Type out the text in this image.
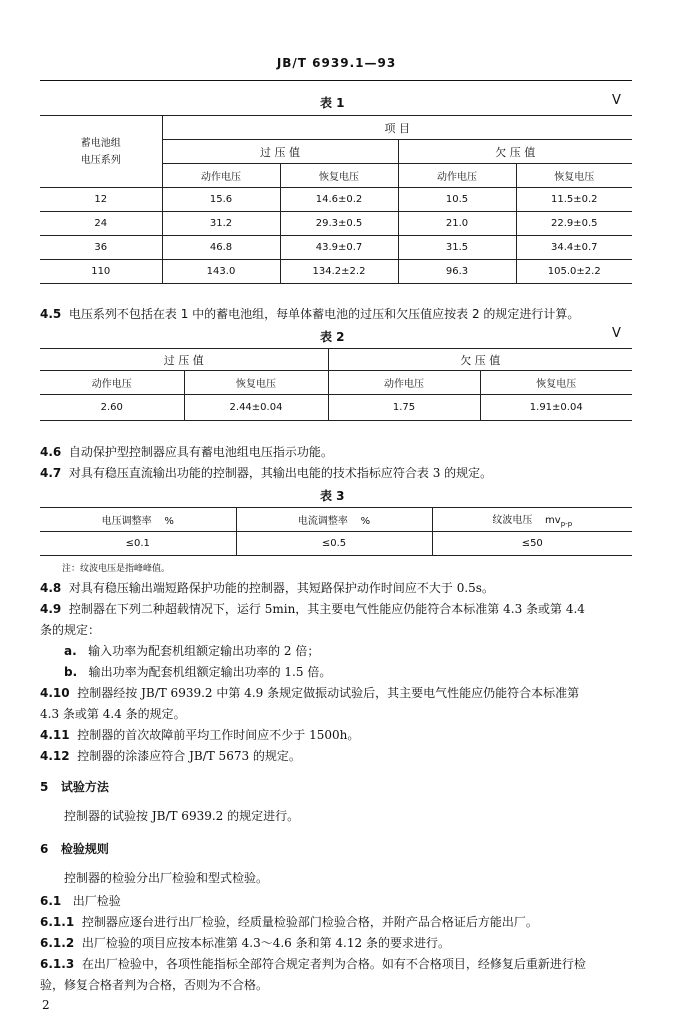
JB/T 6939.1—93
表 1	V
蓄电池组
电压系列	项 目			
	过 压 值		欠 压 值	
	动作电压	恢复电压	动作电压	恢复电压
12	15.6	14.6±0.2	10.5	11.5±0.2
24	31.2	29.3±0.5	21.0	22.9±0.5
36	46.8	43.9±0.7	31.5	34.4±0.7
110	143.0	134.2±2.2	96.3	105.0±2.2
4.5 电压系列不包括在表 1 中的蓄电池组，每单体蓄电池的过压和欠压值应按表 2 的规定进行计算。
表 2	V
过 压 值		欠 压 值	
动作电压	恢复电压	动作电压	恢复电压
2.60	2.44±0.04	1.75	1.91±0.04
4.6 自动保护型控制器应具有蓄电池组电压指示功能。
4.7 对具有稳压直流输出功能的控制器，其输出电能的技术指标应符合表 3 的规定。
表 3
电压调整率    %	电流调整率    %	纹波电压    $mv_{p-p}$
≤0.1	≤0.5	≤50
注：纹波电压是指峰峰值。
4.8 对具有稳压输出端短路保护功能的控制器，其短路保护动作时间应不大于 0.5s。
4.9 控制器在下列二种超载情况下，运行 5min，其主要电气性能应仍能符合本标准第 4.3 条或第 4.4
条的规定：
a. 输入功率为配套机组额定输出功率的 2 倍；
b. 输出功率为配套机组额定输出功率的 1.5 倍。
4.10 控制器经按 JB/T 6939.2 中第 4.9 条规定做振动试验后，其主要电气性能应仍能符合本标准第
4.3 条或第 4.4 条的规定。
4.11 控制器的首次故障前平均工作时间应不少于 1500h。
4.12 控制器的涂漆应符合 JB/T 5673 的规定。
5 试验方法
控制器的试验按 JB/T 6939.2 的规定进行。
6 检验规则
控制器的检验分出厂检验和型式检验。
6.1 出厂检验
6.1.1 控制器应逐台进行出厂检验，经质量检验部门检验合格，并附产品合格证后方能出厂。
6.1.2 出厂检验的项目应按本标准第 4.3～4.6 条和第 4.12 条的要求进行。
6.1.3 在出厂检验中，各项性能指标全部符合规定者判为合格。如有不合格项目，经修复后重新进行检
验，修复合格者判为合格，否则为不合格。
2
